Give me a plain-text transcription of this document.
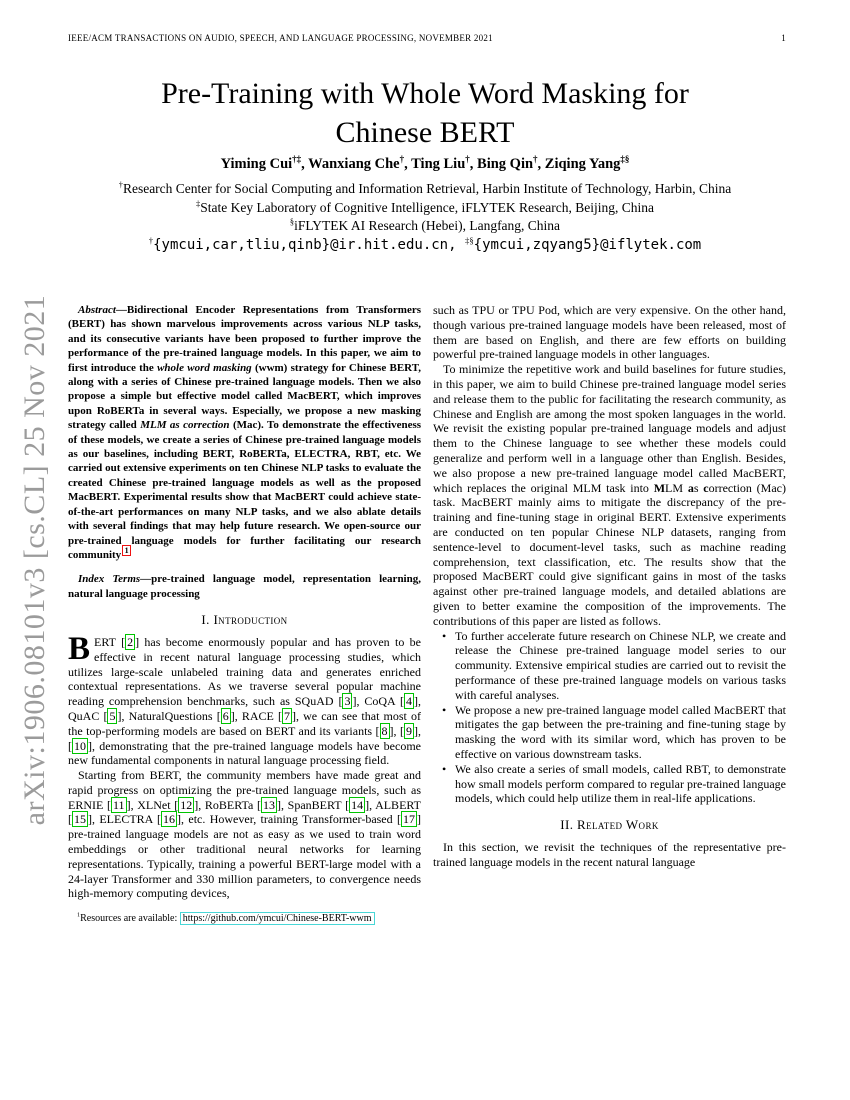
IEEE/ACM TRANSACTIONS ON AUDIO, SPEECH, AND LANGUAGE PROCESSING, NOVEMBER 2021	1
arXiv:1906.08101v3 [cs.CL] 25 Nov 2021
Pre-Training with Whole Word Masking for
Chinese BERT
Yiming Cui†‡, Wanxiang Che†, Ting Liu†, Bing Qin†, Ziqing Yang‡§
†Research Center for Social Computing and Information Retrieval, Harbin Institute of Technology, Harbin, China
‡State Key Laboratory of Cognitive Intelligence, iFLYTEK Research, Beijing, China
§iFLYTEK AI Research (Hebei), Langfang, China
†{ymcui,car,tliu,qinb}@ir.hit.edu.cn, ‡§{ymcui,zqyang5}@iflytek.com

Abstract—Bidirectional Encoder Representations from Transformers (BERT) has shown marvelous improvements across various NLP tasks, and its consecutive variants have been proposed to further improve the performance of the pre-trained language models. In this paper, we aim to first introduce the whole word masking (wwm) strategy for Chinese BERT, along with a series of Chinese pre-trained language models. Then we also propose a simple but effective model called MacBERT, which improves upon RoBERTa in several ways. Especially, we propose a new masking strategy called MLM as correction (Mac). To demonstrate the effectiveness of these models, we create a series of Chinese pre-trained language models as our baselines, including BERT, RoBERTa, ELECTRA, RBT, etc. We carried out extensive experiments on ten Chinese NLP tasks to evaluate the created Chinese pre-trained language models as well as the proposed MacBERT. Experimental results show that MacBERT could achieve state-of-the-art performances on many NLP tasks, and we also ablate details with several findings that may help future research. We open-source our pre-trained language models for further facilitating our research community $^1$

Index Terms—pre-trained language model, representation learning, natural language processing

I. Introduction

BERT [ 2 ] has become enormously popular and has proven to be effective in recent natural language processing studies, which utilizes large-scale unlabeled training data and generates enriched contextual representations. As we traverse several popular machine reading comprehension benchmarks, such as SQuAD [ 3 ], CoQA [ 4 ], QuAC [ 5 ], NaturalQuestions [ 6 ], RACE [ 7 ], we can see that most of the top-performing models are based on BERT and its variants [ 8 ], [ 9 ], [ 10 ], demonstrating that the pre-trained language models have become new fundamental components in natural language processing field.

Starting from BERT, the community members have made great and rapid progress on optimizing the pre-trained language models, such as ERNIE [ 11 ], XLNet [ 12 ], RoBERTa [ 13 ], SpanBERT [ 14 ], ALBERT [ 15 ], ELECTRA [ 16 ], etc. However, training Transformer-based [ 17 ] pre-trained language models are not as easy as we used to train word embeddings or other traditional neural networks for learning representations. Typically, training a powerful BERT-large model with a 24-layer Transformer and 330 million parameters, to convergence needs high-memory computing devices,

$^1$Resources are available: https://github.com/ymcui/Chinese-BERT-wwm

such as TPU or TPU Pod, which are very expensive. On the other hand, though various pre-trained language models have been released, most of them are based on English, and there are few efforts on building powerful pre-trained language models in other languages.

To minimize the repetitive work and build baselines for future studies, in this paper, we aim to build Chinese pre-trained language model series and release them to the public for facilitating the research community, as Chinese and English are among the most spoken languages in the world. We revisit the existing popular pre-trained language models and adjust them to the Chinese language to see whether these models could generalize and perform well in a language other than English. Besides, we also propose a new pre-trained language model called MacBERT, which replaces the original MLM task into MLM as correction (Mac) task. MacBERT mainly aims to mitigate the discrepancy of the pre-training and fine-tuning stage in original BERT. Extensive experiments are conducted on ten popular Chinese NLP datasets, ranging from sentence-level to document-level tasks, such as machine reading comprehension, text classification, etc. The results show that the proposed MacBERT could give significant gains in most of the tasks against other pre-trained language models, and detailed ablations are given to better examine the composition of the improvements. The contributions of this paper are listed as follows.

• To further accelerate future research on Chinese NLP, we create and release the Chinese pre-trained language model series to our community. Extensive empirical studies are carried out to revisit the performance of these pre-trained language models on various tasks with careful analyses.
• We propose a new pre-trained language model called MacBERT that mitigates the gap between the pre-training and fine-tuning stage by masking the word with its similar word, which has proven to be effective on various downstream tasks.
• We also create a series of small models, called RBT, to demonstrate how small models perform compared to regular pre-trained language models, which could help utilize them in real-life applications.
II. Related Work

In this section, we revisit the techniques of the representative pre-trained language models in the recent natural language
